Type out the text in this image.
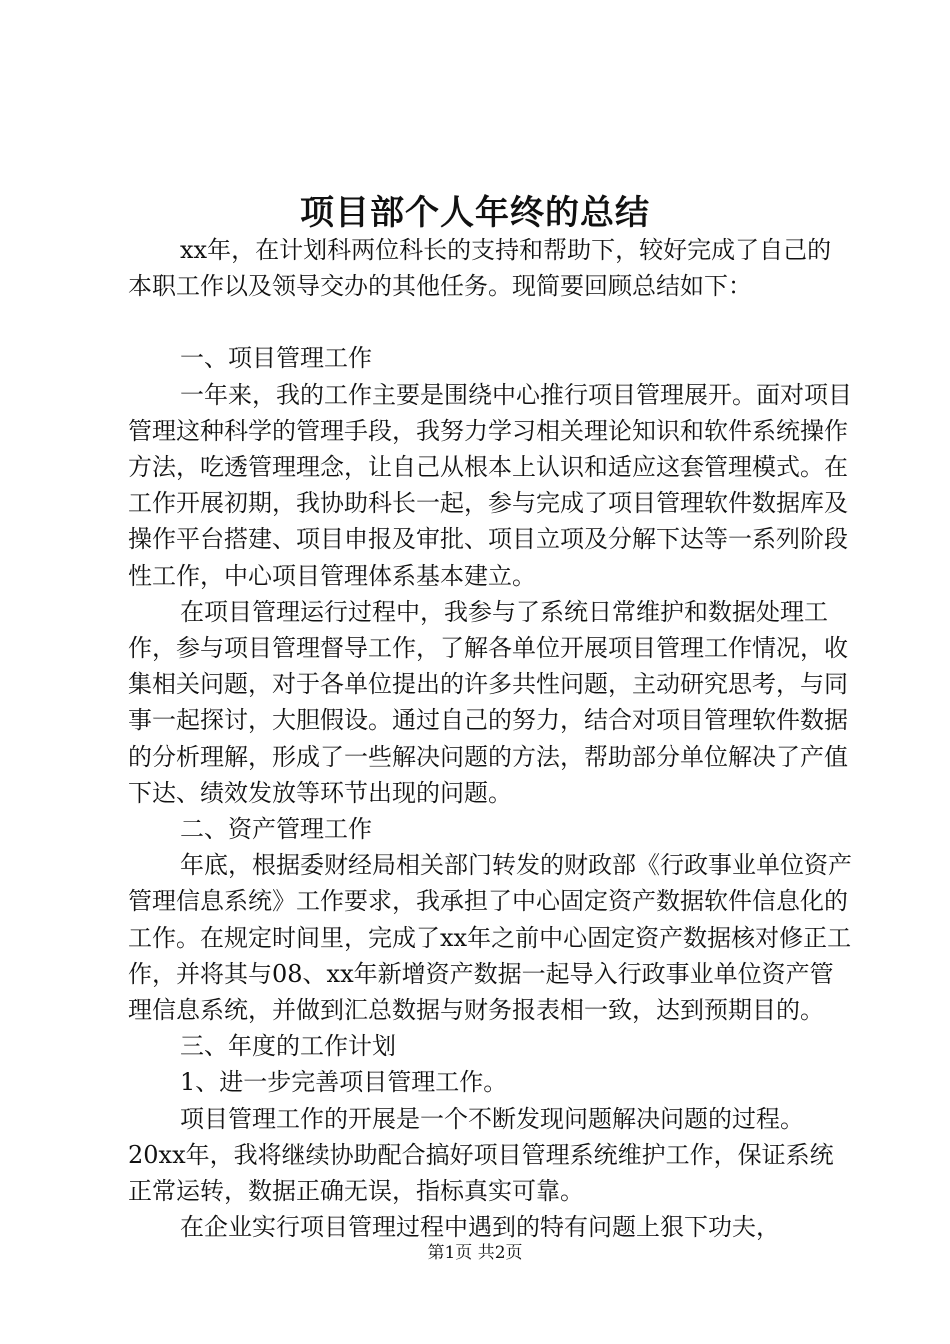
项目部个人年终的总结

xx年，在计划科两位科长的支持和帮助下，较好完成了自己的本职工作以及领导交办的其他任务。现简要回顾总结如下：

一、项目管理工作

一年来，我的工作主要是围绕中心推行项目管理展开。面对项目管理这种科学的管理手段，我努力学习相关理论知识和软件系统操作方法，吃透管理理念，让自己从根本上认识和适应这套管理模式。在工作开展初期，我协助科长一起，参与完成了项目管理软件数据库及操作平台搭建、项目申报及审批、项目立项及分解下达等一系列阶段性工作，中心项目管理体系基本建立。

在项目管理运行过程中，我参与了系统日常维护和数据处理工作，参与项目管理督导工作，了解各单位开展项目管理工作情况，收集相关问题，对于各单位提出的许多共性问题，主动研究思考，与同事一起探讨，大胆假设。通过自己的努力，结合对项目管理软件数据的分析理解，形成了一些解决问题的方法，帮助部分单位解决了产值下达、绩效发放等环节出现的问题。

二、资产管理工作

年底，根据委财经局相关部门转发的财政部《行政事业单位资产管理信息系统》工作要求，我承担了中心固定资产数据软件信息化的工作。在规定时间里，完成了xx年之前中心固定资产数据核对修正工作，并将其与08、xx年新增资产数据一起导入行政事业单位资产管理信息系统，并做到汇总数据与财务报表相一致，达到预期目的。

三、年度的工作计划

1、进一步完善项目管理工作。

项目管理工作的开展是一个不断发现问题解决问题的过程。20xx年，我将继续协助配合搞好项目管理系统维护工作，保证系统正常运转，数据正确无误，指标真实可靠。

在企业实行项目管理过程中遇到的特有问题上狠下功夫，

第1页 共2页
